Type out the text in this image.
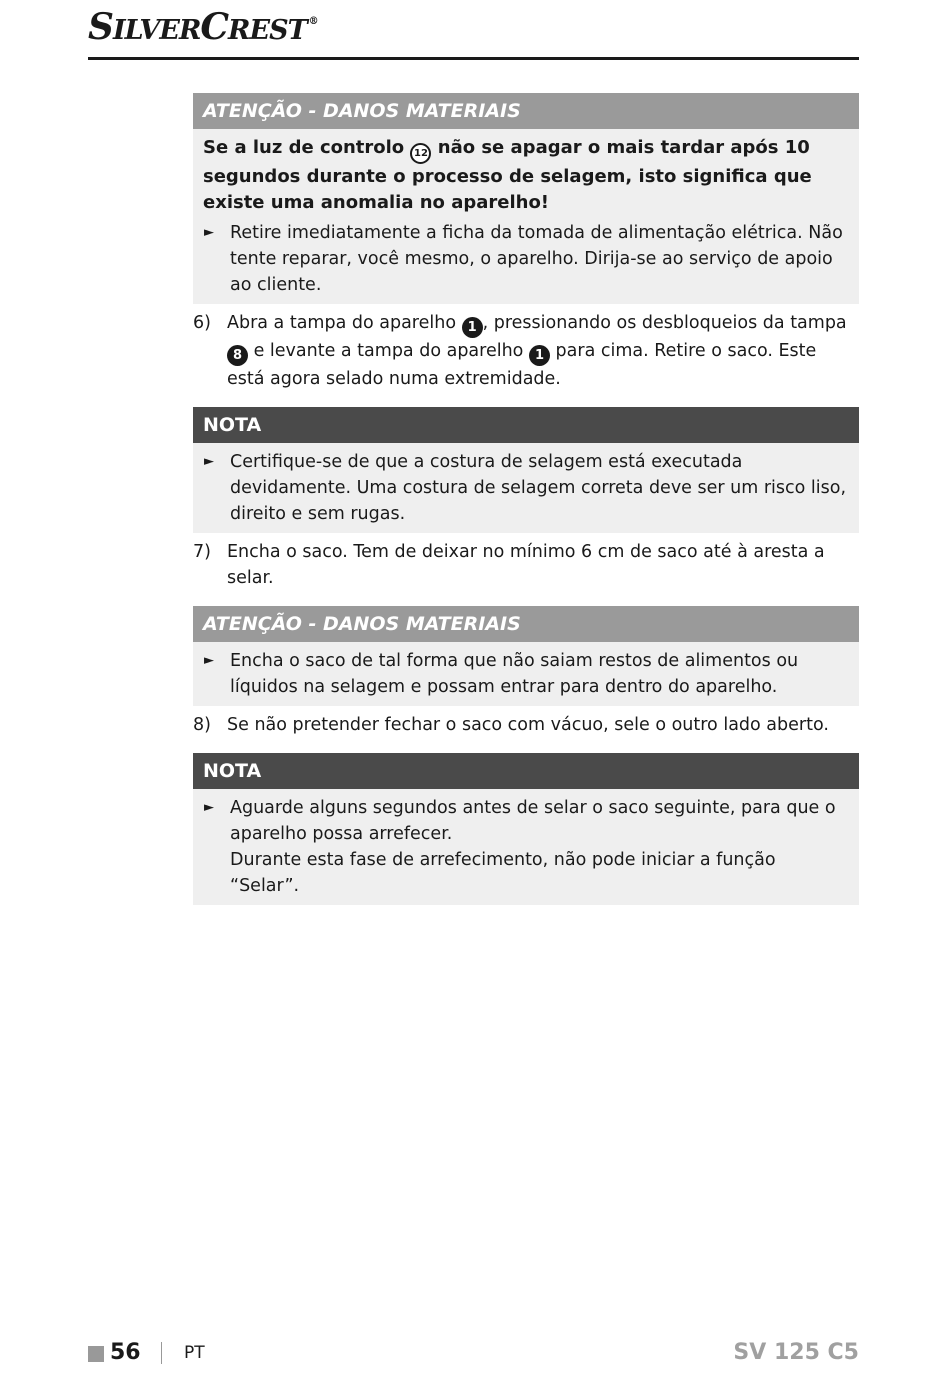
SILVERCREST ®
ATENÇÃO - DANOS MATERIAIS

Se a luz de controlo 12 não se apagar o mais tardar após 10 segundos durante o processo de selagem, isto significa que existe uma anomalia no aparelho!

► Retire imediatamente a ficha da tomada de alimentação elétrica. Não tente reparar, você mesmo, o aparelho. Dirija-se ao serviço de apoio ao cliente.

6) Abra a tampa do aparelho 1 , pressionando os desbloqueios da tampa 8 e levante a tampa do aparelho 1 para cima. Retire o saco. Este está agora selado numa extremidade.
NOTA
► Certifique-se de que a costura de selagem está executada devidamente. Uma costura de selagem correta deve ser um risco liso, direito e sem rugas.

7) Encha o saco. Tem de deixar no mínimo 6 cm de saco até à aresta a selar.
ATENÇÃO - DANOS MATERIAIS
► Encha o saco de tal forma que não saiam restos de alimentos ou líquidos na selagem e possam entrar para dentro do aparelho.

8) Se não pretender fechar o saco com vácuo, sele o outro lado aberto.
NOTA
► Aguarde alguns segundos antes de selar o saco seguinte, para que o aparelho possa arrefecer.

Durante esta fase de arrefecimento, não pode iniciar a função “Selar”.

56	PT	SV 125 C5
